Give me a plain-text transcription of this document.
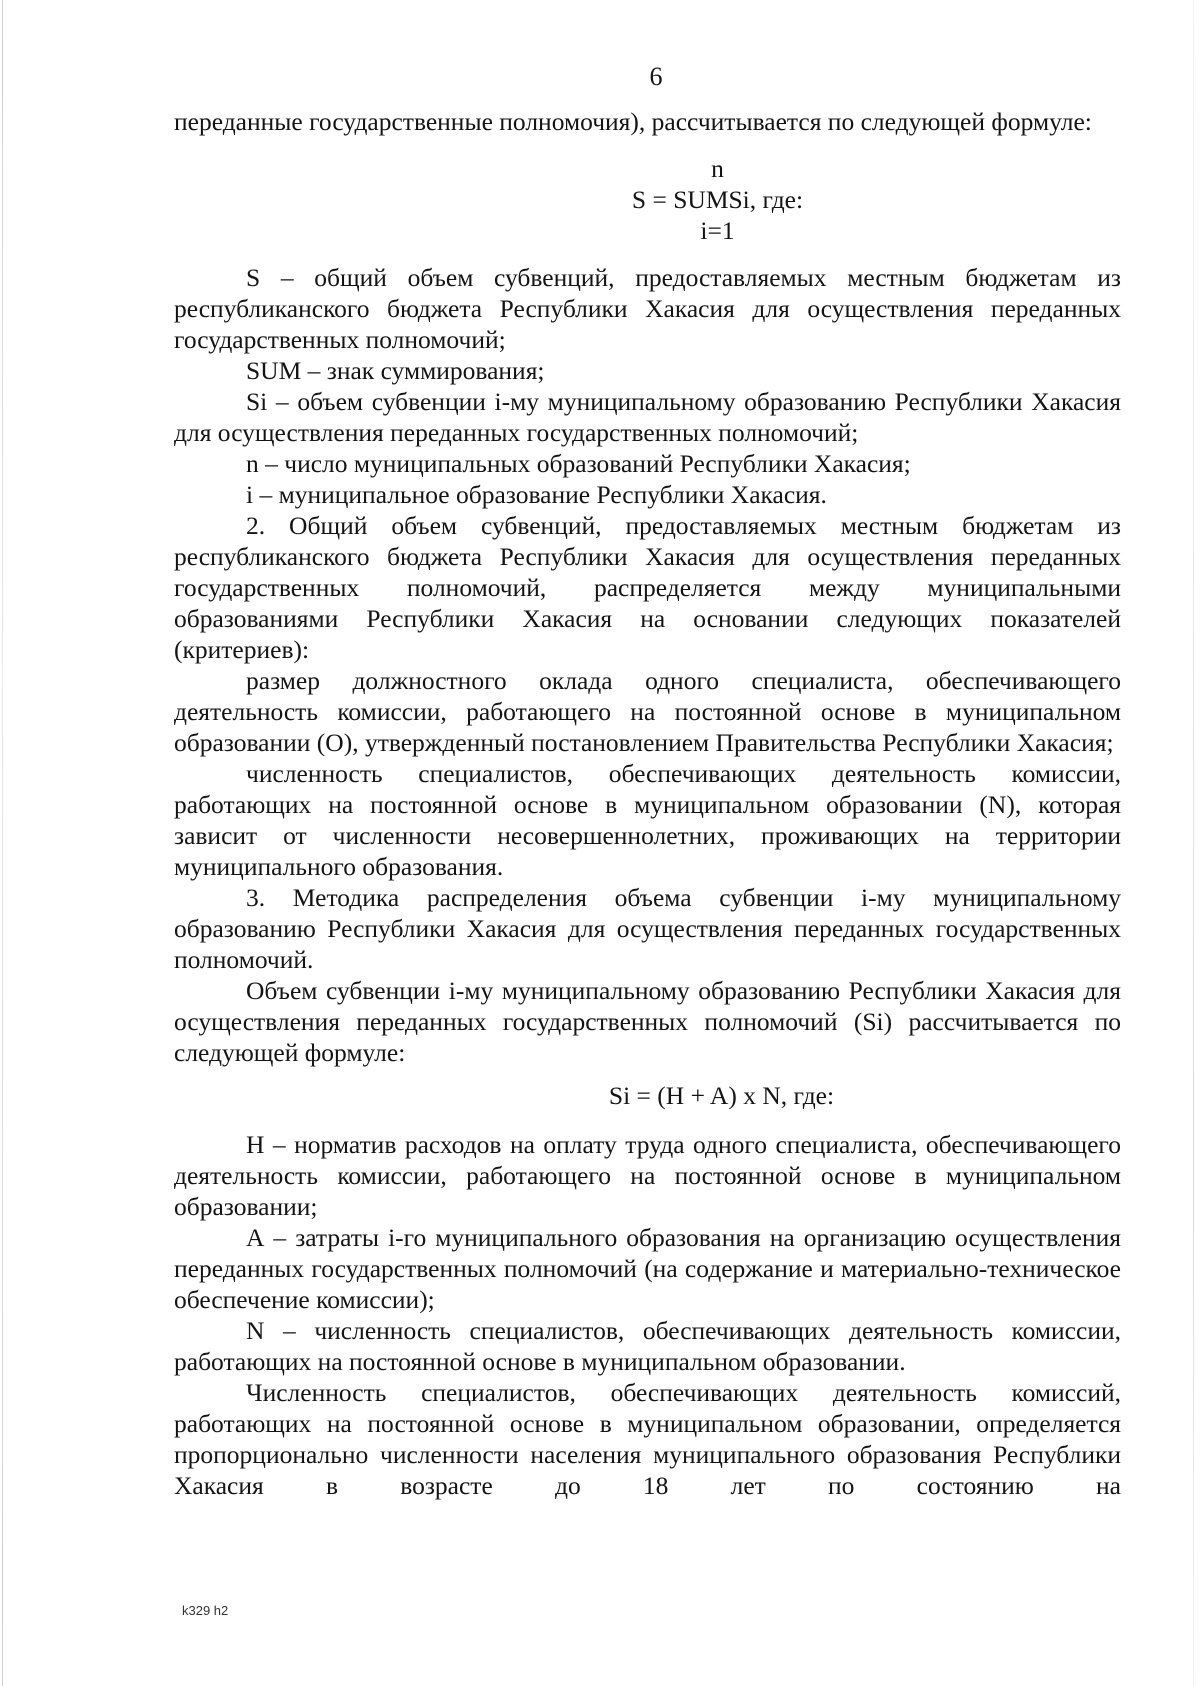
6

переданные государственные полномочия), рассчитывается по следующей формуле:

n
S = SUMSi, где:
i=1

S – общий объем субвенций, предоставляемых местным бюджетам из республиканского бюджета Республики Хакасия для осуществления переданных государственных полномочий;

SUM – знак суммирования;

Si – объем субвенции i-му муниципальному образованию Республики Хакасия для осуществления переданных государственных полномочий;

n – число муниципальных образований Республики Хакасия;

i – муниципальное образование Республики Хакасия.

2. Общий объем субвенций, предоставляемых местным бюджетам из республиканского бюджета Республики Хакасия для осуществления переданных государственных полномочий, распределяется между муниципальными образованиями Республики Хакасия на основании следующих показателей (критериев):

размер должностного оклада одного специалиста, обеспечивающего деятельность комиссии, работающего на постоянной основе в муниципальном образовании (О), утвержденный постановлением Правительства Республики Хакасия;

численность специалистов, обеспечивающих деятельность комиссии, работающих на постоянной основе в муниципальном образовании (N), которая зависит от численности несовершеннолетних, проживающих на территории муниципального образования.

3. Методика распределения объема субвенции i-му муниципальному образованию Республики Хакасия для осуществления переданных государственных полномочий.

Объем субвенции i-му муниципальному образованию Республики Хакасия для осуществления переданных государственных полномочий (Si) рассчитывается по следующей формуле:

Si = (H + A) x N, где:

H – норматив расходов на оплату труда одного специалиста, обеспечивающего деятельность комиссии, работающего на постоянной основе в муниципальном образовании;

А – затраты i-го муниципального образования на организацию осуществления переданных государственных полномочий (на содержание и материально-техническое обеспечение комиссии);

N – численность специалистов, обеспечивающих деятельность комиссии, работающих на постоянной основе в муниципальном образовании.

Численность специалистов, обеспечивающих деятельность комиссий, работающих на постоянной основе в муниципальном образовании, определяется пропорционально численности населения муниципального образования Республики Хакасия в возрасте до 18 лет по состоянию на

k329 h2
